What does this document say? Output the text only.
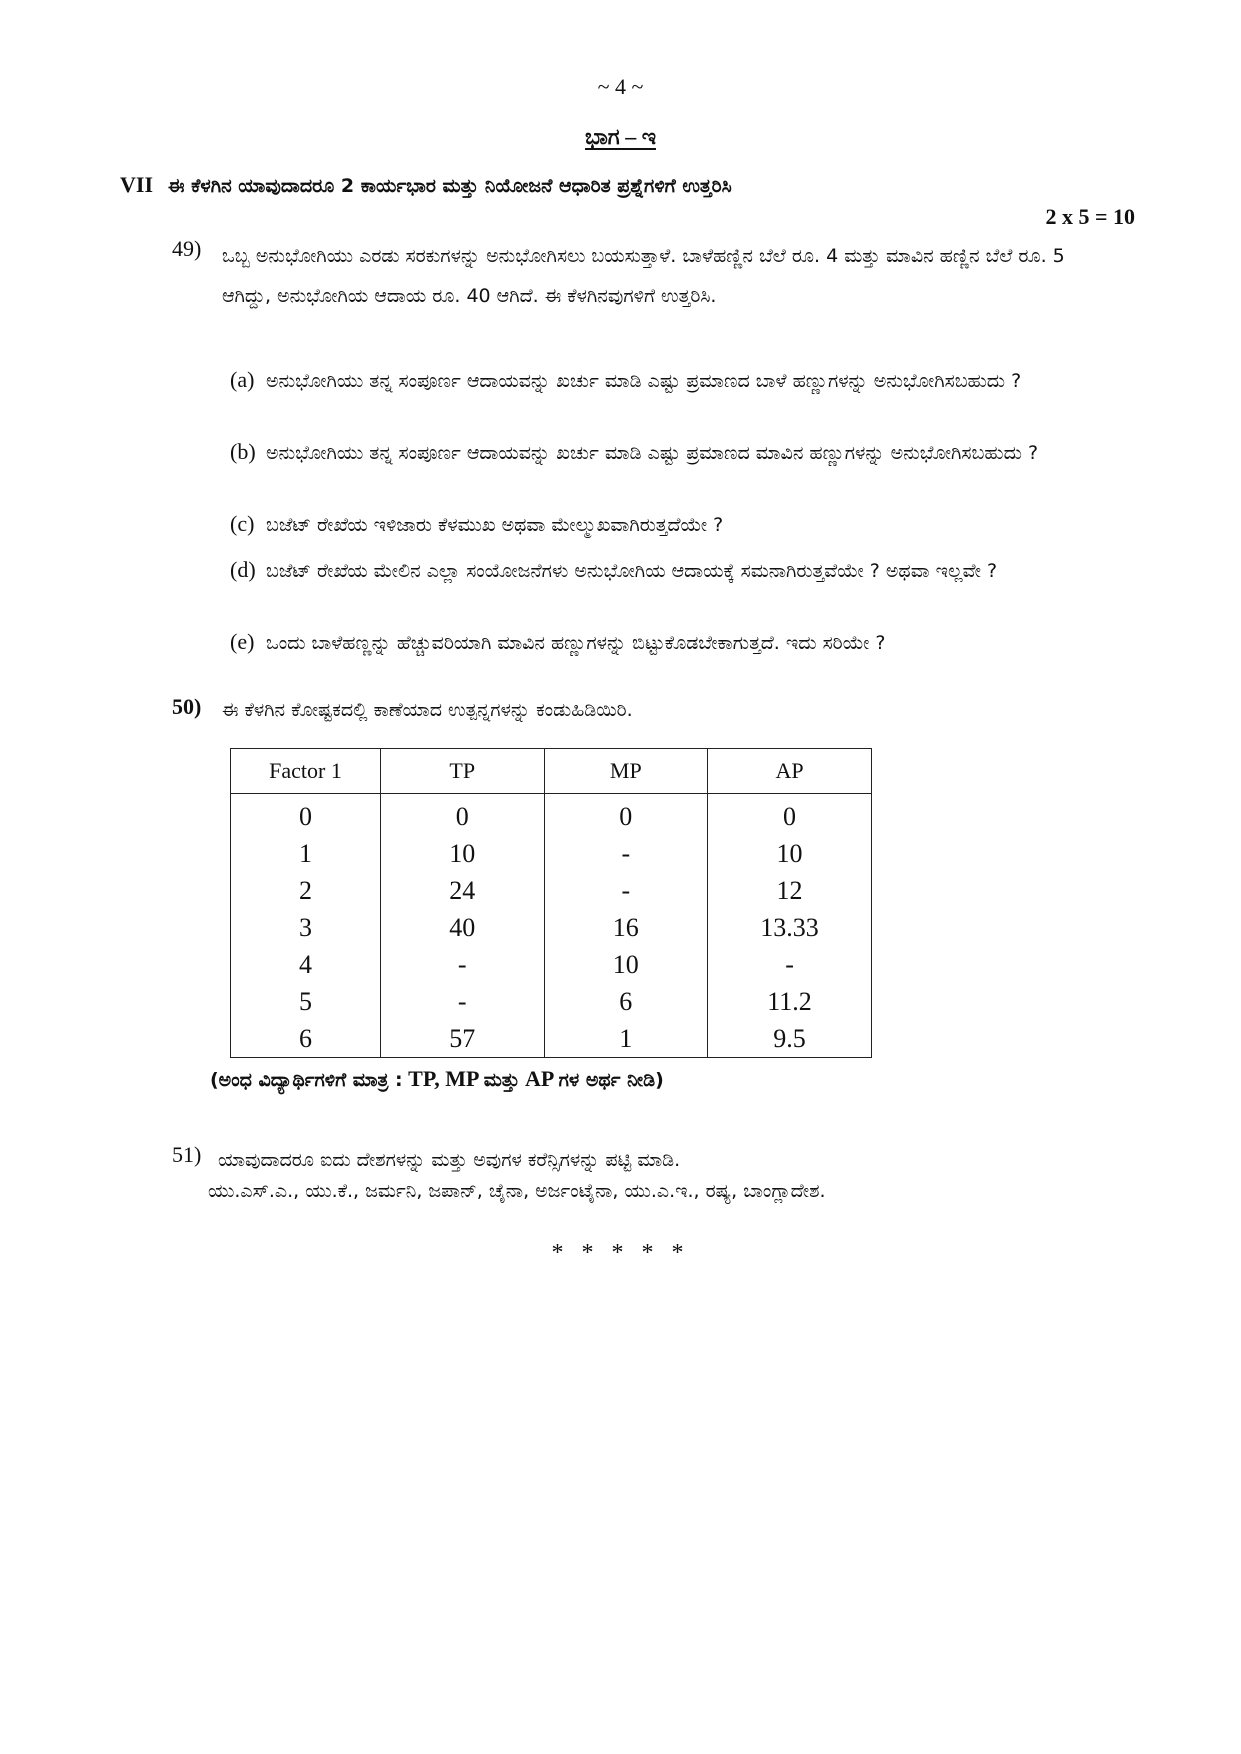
~ 4 ~
ಭಾಗ – ಇ
VII ಈ ಕೆಳಗಿನ ಯಾವುದಾದರೂ 2 ಕಾರ್ಯಭಾರ ಮತ್ತು ನಿಯೋಜನೆ ಆಧಾರಿತ ಪ್ರಶ್ನೆಗಳಿಗೆ ಉತ್ತರಿಸಿ
2 x 5 = 10
49) ಒಬ್ಬ ಅನುಭೋಗಿಯು ಎರಡು ಸರಕುಗಳನ್ನು ಅನುಭೋಗಿಸಲು ಬಯಸುತ್ತಾಳೆ. ಬಾಳೆಹಣ್ಣಿನ ಬೆಲೆ ರೂ. 4 ಮತ್ತು ಮಾವಿನ ಹಣ್ಣಿನ ಬೆಲೆ ರೂ. 5 ಆಗಿದ್ದು, ಅನುಭೋಗಿಯ ಆದಾಯ ರೂ. 40 ಆಗಿದೆ. ಈ ಕೆಳಗಿನವುಗಳಿಗೆ ಉತ್ತರಿಸಿ.
(a) ಅನುಭೋಗಿಯು ತನ್ನ ಸಂಪೂರ್ಣ ಆದಾಯವನ್ನು ಖರ್ಚು ಮಾಡಿ ಎಷ್ಟು ಪ್ರಮಾಣದ ಬಾಳೆ ಹಣ್ಣುಗಳನ್ನು ಅನುಭೋಗಿಸಬಹುದು ?
(b) ಅನುಭೋಗಿಯು ತನ್ನ ಸಂಪೂರ್ಣ ಆದಾಯವನ್ನು ಖರ್ಚು ಮಾಡಿ ಎಷ್ಟು ಪ್ರಮಾಣದ ಮಾವಿನ ಹಣ್ಣುಗಳನ್ನು ಅನುಭೋಗಿಸಬಹುದು ?
(c) ಬಜೆಟ್ ರೇಖೆಯ ಇಳಿಜಾರು ಕೆಳಮುಖ ಅಥವಾ ಮೇಲ್ಮುಖವಾಗಿರುತ್ತದೆಯೇ ?
(d) ಬಜೆಟ್ ರೇಖೆಯ ಮೇಲಿನ ಎಲ್ಲಾ ಸಂಯೋಜನೆಗಳು ಅನುಭೋಗಿಯ ಆದಾಯಕ್ಕೆ ಸಮನಾಗಿರುತ್ತವೆಯೇ ? ಅಥವಾ ಇಲ್ಲವೇ ?
(e) ಒಂದು ಬಾಳೆಹಣ್ಣನ್ನು ಹೆಚ್ಚುವರಿಯಾಗಿ ಮಾವಿನ ಹಣ್ಣುಗಳನ್ನು ಬಿಟ್ಟುಕೊಡಬೇಕಾಗುತ್ತದೆ. ಇದು ಸರಿಯೇ ?
50) ಈ ಕೆಳಗಿನ ಕೋಷ್ಟಕದಲ್ಲಿ ಕಾಣೆಯಾದ ಉತ್ಪನ್ನಗಳನ್ನು ಕಂಡುಹಿಡಿಯಿರಿ.
Factor 1	TP	MP	AP
0	0	0	0
1	10	-	10
2	24	-	12
3	40	16	13.33
4	-	10	-
5	-	6	11.2
6	57	1	9.5
(ಅಂಧ ವಿದ್ಯಾರ್ಥಿಗಳಿಗೆ ಮಾತ್ರ : TP, MP ಮತ್ತು AP ಗಳ ಅರ್ಥ ನೀಡಿ)
51) ಯಾವುದಾದರೂ ಐದು ದೇಶಗಳನ್ನು ಮತ್ತು ಅವುಗಳ ಕರೆನ್ಸಿಗಳನ್ನು ಪಟ್ಟಿ ಮಾಡಿ.
ಯು.ಎಸ್.ಎ., ಯು.ಕೆ., ಜರ್ಮನಿ, ಜಪಾನ್, ಚೈನಾ, ಅರ್ಜಂಟೈನಾ, ಯು.ಎ.ಇ., ರಷ್ಯ, ಬಾಂಗ್ಲಾದೇಶ.
* * * * *
